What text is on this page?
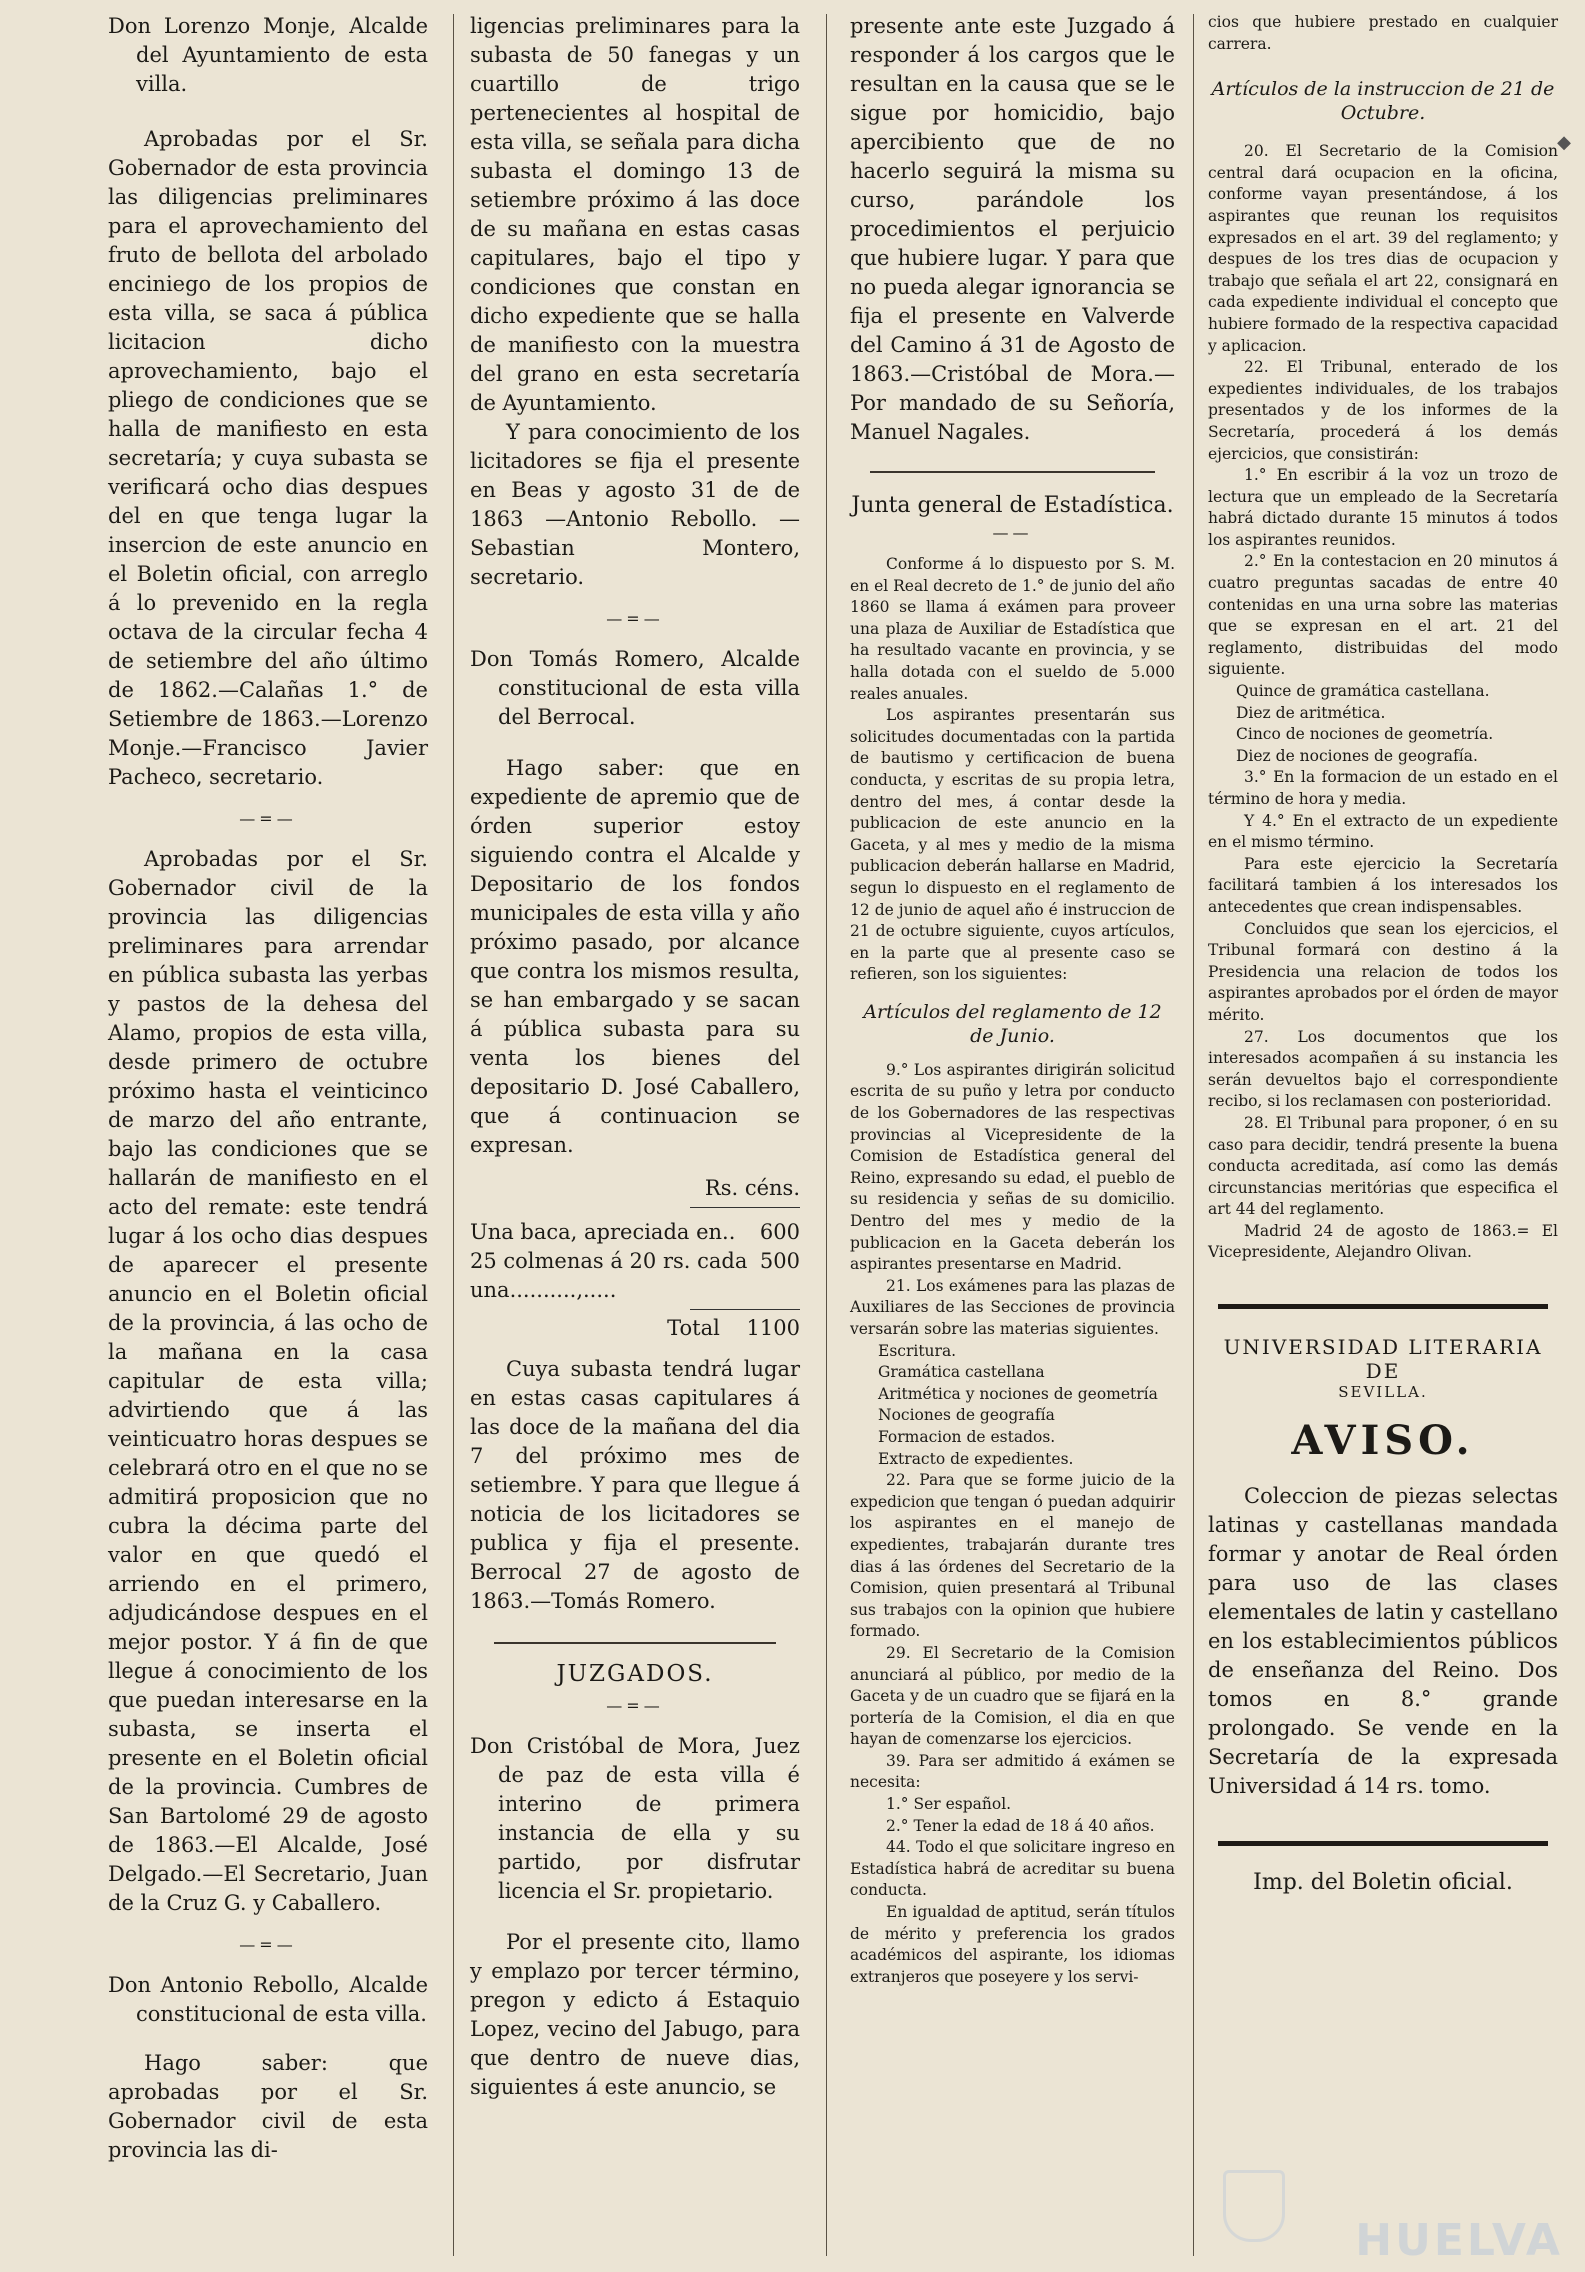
◆

Don Lorenzo Monje, Alcalde del Ayuntamiento de esta villa.

Aprobadas por el Sr. Gobernador de esta provincia las diligencias preliminares para el aprovechamiento del fruto de bellota del arbolado enciniego de los propios de esta villa, se saca á pública licitacion dicho aprovechamiento, bajo el pliego de condiciones que se halla de manifiesto en esta secretaría; y cuya subasta se verificará ocho dias despues del en que tenga lugar la insercion de este anuncio en el Boletin oficial, con arreglo á lo prevenido en la regla octava de la circular fecha 4 de setiembre del año último de 1862.—Calañas 1.° de Setiembre de 1863.—Lorenzo Monje.—Francisco Javier Pacheco, secretario.

—=—

Aprobadas por el Sr. Gobernador civil de la provincia las diligencias preliminares para arrendar en pública subasta las yerbas y pastos de la dehesa del Alamo, propios de esta villa, desde primero de octubre próximo hasta el veinticinco de marzo del año entrante, bajo las condiciones que se hallarán de manifiesto en el acto del remate: este tendrá lugar á los ocho dias despues de aparecer el presente anuncio en el Boletin oficial de la provincia, á las ocho de la mañana en la casa capitular de esta villa; advirtiendo que á las veinticuatro horas despues se celebrará otro en el que no se admitirá proposicion que no cubra la décima parte del valor en que quedó el arriendo en el primero, adjudicándose despues en el mejor postor. Y á fin de que llegue á conocimiento de los que puedan interesarse en la subasta, se inserta el presente en el Boletin oficial de la provincia. Cumbres de San Bartolomé 29 de agosto de 1863.—El Alcalde, José Delgado.—El Secretario, Juan de la Cruz G. y Caballero.

—=—

Don Antonio Rebollo, Alcalde constitucional de esta villa.

Hago saber: que aprobadas por el Sr. Gobernador civil de esta provincia las di-

ligencias preliminares para la subasta de 50 fanegas y un cuartillo de trigo pertenecientes al hospital de esta villa, se señala para dicha subasta el domingo 13 de setiembre próximo á las doce de su mañana en estas casas capitulares, bajo el tipo y condiciones que constan en dicho expediente que se halla de manifiesto con la muestra del grano en esta secretaría de Ayuntamiento.

Y para conocimiento de los licitadores se fija el presente en Beas y agosto 31 de de 1863 —Antonio Rebollo. —Sebastian Montero, secretario.

—=—

Don Tomás Romero, Alcalde constitucional de esta villa del Berrocal.

Hago saber: que en expediente de apremio que de órden superior estoy siguiendo contra el Alcalde y Depositario de los fondos municipales de esta villa y año próximo pasado, por alcance que contra los mismos resulta, se han embargado y se sacan á pública subasta para su venta los bienes del depositario D. José Caballero, que á continuacion se expresan.

Rs. céns.
Una baca, apreciada en.. 600
25 colmenas á 20 rs. cada una..........,.....
500
Total 1100

Cuya subasta tendrá lugar en estas casas capitulares á las doce de la mañana del dia 7 del próximo mes de setiembre. Y para que llegue á noticia de los licitadores se publica y fija el presente. Berrocal 27 de agosto de 1863.—Tomás Romero.

JUZGADOS.
—=—

Don Cristóbal de Mora, Juez de paz de esta villa é interino de primera instancia de ella y su partido, por disfrutar licencia el Sr. propietario.

Por el presente cito, llamo y emplazo por tercer término, pregon y edicto á Estaquio Lopez, vecino del Jabugo, para que dentro de nueve dias, siguientes á este anuncio, se

presente ante este Juzgado á responder á los cargos que le resultan en la causa que se le sigue por homicidio, bajo apercibiento que de no hacerlo seguirá la misma su curso, parándole los procedimientos el perjuicio que hubiere lugar. Y para que no pueda alegar ignorancia se fija el presente en Valverde del Camino á 31 de Agosto de 1863.—Cristóbal de Mora.—Por mandado de su Señoría, Manuel Nagales.

Junta general de Estadística.
——

Conforme á lo dispuesto por S. M. en el Real decreto de 1.° de junio del año 1860 se llama á exámen para proveer una plaza de Auxiliar de Estadística que ha resultado vacante en provincia, y se halla dotada con el sueldo de 5.000 reales anuales.

Los aspirantes presentarán sus solicitudes documentadas con la partida de bautismo y certificacion de buena conducta, y escritas de su propia letra, dentro del mes, á contar desde la publicacion de este anuncio en la Gaceta, y al mes y medio de la misma publicacion deberán hallarse en Madrid, segun lo dispuesto en el reglamento de 12 de junio de aquel año é instruccion de 21 de octubre siguiente, cuyos artículos, en la parte que al presente caso se refieren, son los siguientes:

Artículos del reglamento de 12 de Junio.

9.° Los aspirantes dirigirán solicitud escrita de su puño y letra por conducto de los Gobernadores de las respectivas provincias al Vicepresidente de la Comision de Estadística general del Reino, expresando su edad, el pueblo de su residencia y señas de su domicilio. Dentro del mes y medio de la publicacion en la Gaceta deberán los aspirantes presentarse en Madrid.

21. Los exámenes para las plazas de Auxiliares de las Secciones de provincia versarán sobre las materias siguientes.

Escritura.

Gramática castellana

Aritmética y nociones de geometría

Nociones de geografía

Formacion de estados.

Extracto de expedientes.

22. Para que se forme juicio de la expedicion que tengan ó puedan adquirir los aspirantes en el manejo de expedientes, trabajarán durante tres dias á las órdenes del Secretario de la Comision, quien presentará al Tribunal sus trabajos con la opinion que hubiere formado.

29. El Secretario de la Comision anunciará al público, por medio de la Gaceta y de un cuadro que se fijará en la portería de la Comision, el dia en que hayan de comenzarse los ejercicios.

39. Para ser admitido á exámen se necesita:

1.° Ser español.

2.° Tener la edad de 18 á 40 años.

44. Todo el que solicitare ingreso en Estadística habrá de acreditar su buena conducta.

En igualdad de aptitud, serán títulos de mérito y preferencia los grados académicos del aspirante, los idiomas extranjeros que poseyere y los servi-

cios que hubiere prestado en cualquier carrera.

Artículos de la instruccion de 21 de Octubre.

20. El Secretario de la Comision central dará ocupacion en la oficina, conforme vayan presentándose, á los aspirantes que reunan los requisitos expresados en el art. 39 del reglamento; y despues de los tres dias de ocupacion y trabajo que señala el art 22, consignará en cada expediente individual el concepto que hubiere formado de la respectiva capacidad y aplicacion.

22. El Tribunal, enterado de los expedientes individuales, de los trabajos presentados y de los informes de la Secretaría, procederá á los demás ejercicios, que consistirán:

1.° En escribir á la voz un trozo de lectura que un empleado de la Secretaría habrá dictado durante 15 minutos á todos los aspirantes reunidos.

2.° En la contestacion en 20 minutos á cuatro preguntas sacadas de entre 40 contenidas en una urna sobre las materias que se expresan en el art. 21 del reglamento, distribuidas del modo siguiente.

Quince de gramática castellana.

Diez de aritmética.

Cinco de nociones de geometría.

Diez de nociones de geografía.

3.° En la formacion de un estado en el término de hora y media.

Y 4.° En el extracto de un expediente en el mismo término.

Para este ejercicio la Secretaría facilitará tambien á los interesados los antecedentes que crean indispensables.

Concluidos que sean los ejercicios, el Tribunal formará con destino á la Presidencia una relacion de todos los aspirantes aprobados por el órden de mayor mérito.

27. Los documentos que los interesados acompañen á su instancia les serán devueltos bajo el correspondiente recibo, si los reclamasen con posterioridad.

28. El Tribunal para proponer, ó en su caso para decidir, tendrá presente la buena conducta acreditada, así como las demás circunstancias meritórias que especifica el art 44 del reglamento.

Madrid 24 de agosto de 1863.= El Vicepresidente, Alejandro Olivan.

UNIVERSIDAD LITERARIA DE

SEVILLA.
AVISO.

Coleccion de piezas selectas latinas y castellanas mandada formar y anotar de Real órden para uso de las clases elementales de latin y castellano en los establecimientos públicos de enseñanza del Reino. Dos tomos en 8.° grande prolongado. Se vende en la Secretaría de la expresada Universidad á 14 rs. tomo.

Imp. del Boletin oficial.
HUELVA
